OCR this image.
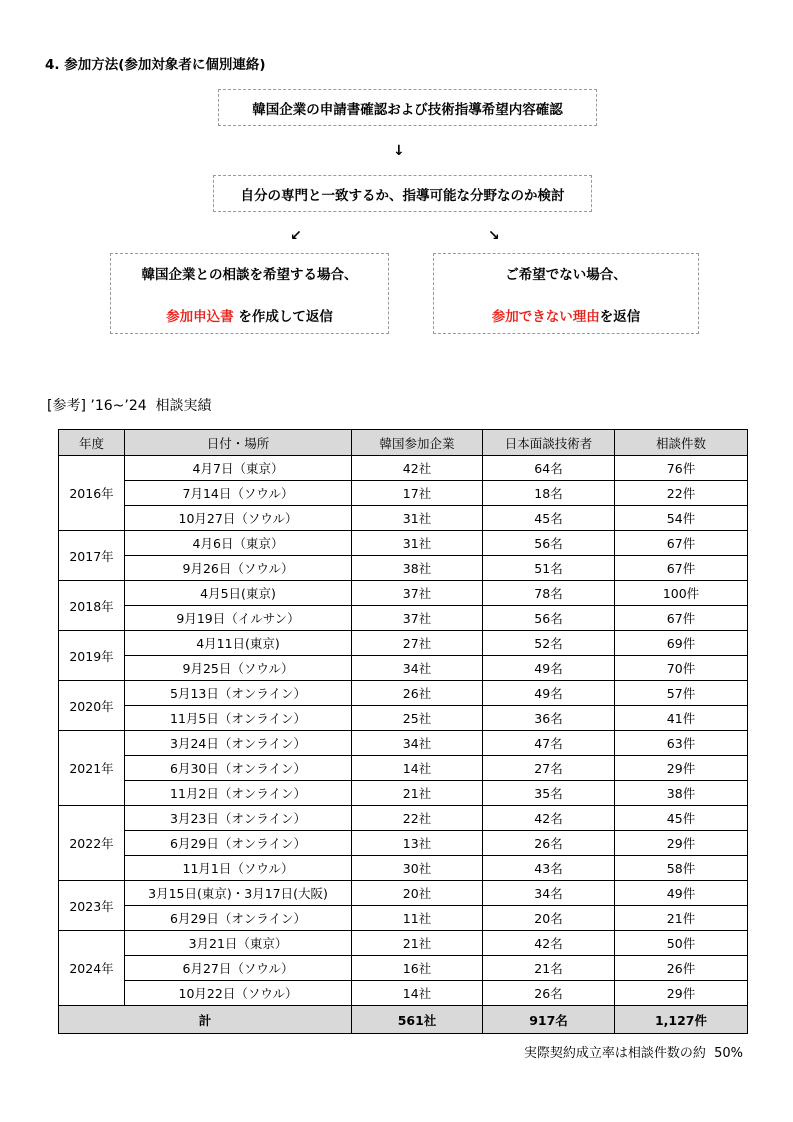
4. 参加方法(参加対象者に個別連絡)
韓国企業の申請書確認および技術指導希望内容確認
↓
自分の専門と一致するか、指導可能な分野なのか検討
↙	↘
韓国企業との相談を希望する場合、
参加申込書 を作成して返信
ご希望でない場合、
参加できない理由を返信
[参考] ’16~’24  相談実績
年度	日付・場所	韓国参加企業	日本面談技術者	相談件数
2016年	4月7日（東京）	42社	64名	76件
	7月14日（ソウル）	17社	18名	22件
	10月27日（ソウル）	31社	45名	54件
2017年	4月6日（東京）	31社	56名	67件
	9月26日（ソウル）	38社	51名	67件
2018年	4月5日(東京)	37社	78名	100件
	9月19日（イルサン）	37社	56名	67件
2019年	4月11日(東京)	27社	52名	69件
	9月25日（ソウル）	34社	49名	70件
2020年	5月13日（オンライン）	26社	49名	57件
	11月5日（オンライン）	25社	36名	41件
2021年	3月24日（オンライン）	34社	47名	63件
	6月30日（オンライン）	14社	27名	29件
	11月2日（オンライン）	21社	35名	38件
2022年	3月23日（オンライン）	22社	42名	45件
	6月29日（オンライン）	13社	26名	29件
	11月1日（ソウル）	30社	43名	58件
2023年	3月15日(東京)・3月17日(大阪)	20社	34名	49件
	6月29日（オンライン）	11社	20名	21件
2024年	3月21日（東京）	21社	42名	50件
	6月27日（ソウル）	16社	21名	26件
	10月22日（ソウル）	14社	26名	29件
計		561社	917名	1,127件
実際契約成立率は相談件数の約  50%
